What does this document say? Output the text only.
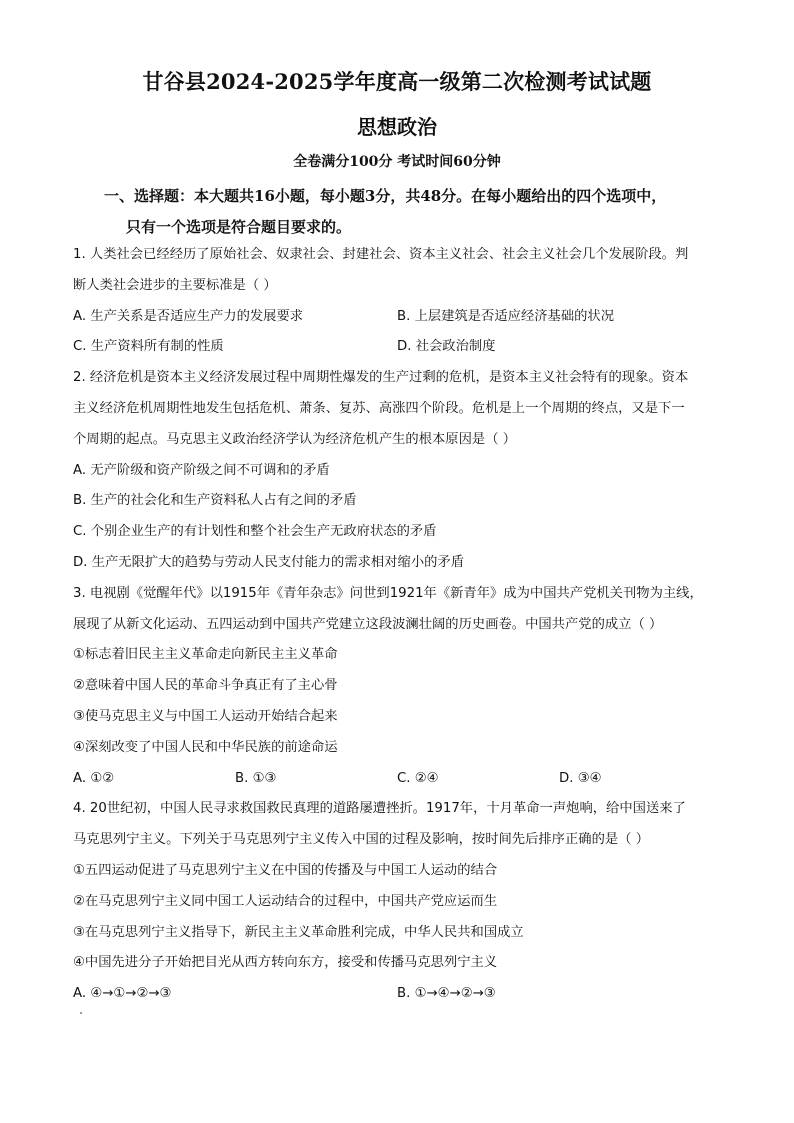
甘谷县2024-2025学年度高一级第二次检测考试试题
思想政治
全卷满分100分 考试时间60分钟
一、选择题：本大题共16小题，每小题3分，共48分。在每小题给出的四个选项中，
只有一个选项是符合题目要求的。
1. 人类社会已经经历了原始社会、奴隶社会、封建社会、资本主义社会、社会主义社会几个发展阶段。判
断人类社会进步的主要标准是（ ）
A. 生产关系是否适应生产力的发展要求	B. 上层建筑是否适应经济基础的状况
C. 生产资料所有制的性质	D. 社会政治制度
2. 经济危机是资本主义经济发展过程中周期性爆发的生产过剩的危机，是资本主义社会特有的现象。资本
主义经济危机周期性地发生包括危机、萧条、复苏、高涨四个阶段。危机是上一个周期的终点，又是下一
个周期的起点。马克思主义政治经济学认为经济危机产生的根本原因是（ ）
A. 无产阶级和资产阶级之间不可调和的矛盾
B. 生产的社会化和生产资料私人占有之间的矛盾
C. 个别企业生产的有计划性和整个社会生产无政府状态的矛盾
D. 生产无限扩大的趋势与劳动人民支付能力的需求相对缩小的矛盾
3. 电视剧《觉醒年代》以1915年《青年杂志》问世到1921年《新青年》成为中国共产党机关刊物为主线，
展现了从新文化运动、五四运动到中国共产党建立这段波澜壮阔的历史画卷。中国共产党的成立（ ）
①标志着旧民主主义革命走向新民主主义革命
②意味着中国人民的革命斗争真正有了主心骨
③使马克思主义与中国工人运动开始结合起来
④深刻改变了中国人民和中华民族的前途命运
A. ①②	B. ①③	C. ②④	D. ③④
4. 20世纪初，中国人民寻求救国救民真理的道路屡遭挫折。1917年，十月革命一声炮响，给中国送来了
马克思列宁主义。下列关于马克思列宁主义传入中国的过程及影响，按时间先后排序正确的是（ ）
①五四运动促进了马克思列宁主义在中国的传播及与中国工人运动的结合
②在马克思列宁主义同中国工人运动结合的过程中，中国共产党应运而生
③在马克思列宁主义指导下，新民主主义革命胜利完成，中华人民共和国成立
④中国先进分子开始把目光从西方转向东方，接受和传播马克思列宁主义
A. ④→①→②→③	B. ①→④→②→③
